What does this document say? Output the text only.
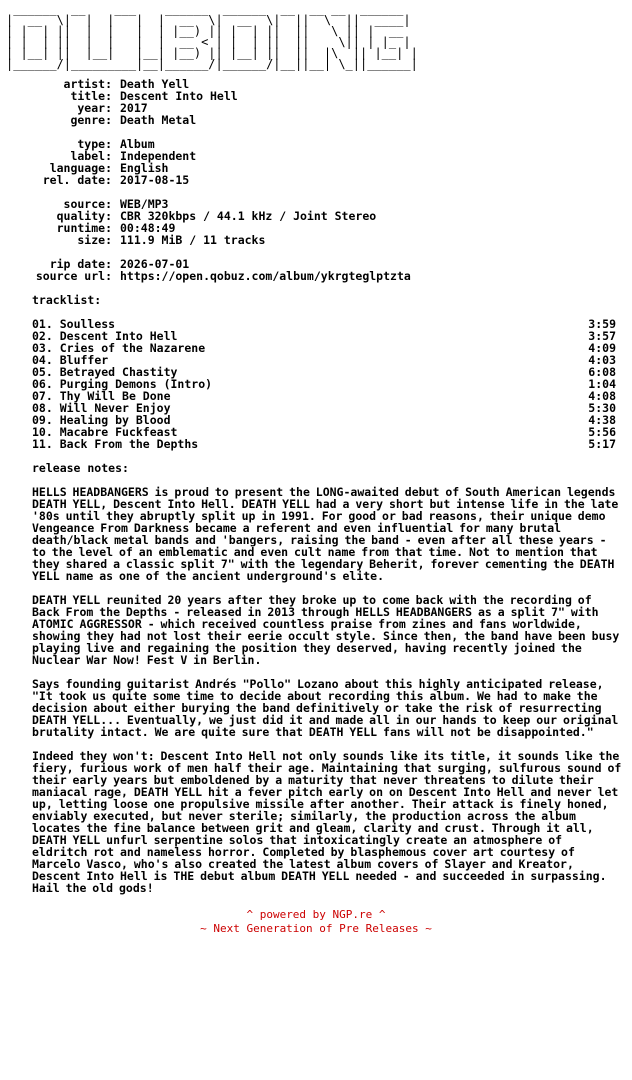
______  __    ___    ______  ______  __  __ __  ______
|  __  \|  |  |   |  |  __  \|  __  \|  ||  \  ||  ____|
| |  | ||  |  |   |  | |__) || |  | ||  ||   \ || |  __
| |  | ||  |  |   |  |  __ < | |  | ||  ||    \|| | |_ |
| |__| ||  |__|   |__| |__) || |__| ||  ||  |\  || |__| |
|______/|_________|__|______/|______/|__||__| \_||______|
artist: Death Yell
title: Descent Into Hell
year: 2017
genre: Death Metal
type: Album
label: Independent
language: English
rel. date: 2017-08-15
source: WEB/MP3
quality: CBR 320kbps / 44.1 kHz / Joint Stereo
runtime: 00:48:49
size: 111.9 MiB / 11 tracks
rip date: 2026-07-01
source url: https://open.qobuz.com/album/ykrgteglptzta
tracklist:
01. Soulless	3:59
02. Descent Into Hell	3:57
03. Cries of the Nazarene	4:09
04. Bluffer	4:03
05. Betrayed Chastity	6:08
06. Purging Demons (Intro)	1:04
07. Thy Will Be Done	4:08
08. Will Never Enjoy	5:30
09. Healing by Blood	4:38
10. Macabre Fuckfeast	5:56
11. Back From the Depths	5:17
release notes:

HELLS HEADBANGERS is proud to present the LONG-awaited debut of South American legends DEATH YELL, Descent Into Hell. DEATH YELL had a very short but intense life in the late '80s until they abruptly split up in 1991. For good or bad reasons, their unique demo Vengeance From Darkness became a referent and even influential for many brutal death/black metal bands and 'bangers, raising the band - even after all these years - to the level of an emblematic and even cult name from that time. Not to mention that they shared a classic split 7" with the legendary Beherit, forever cementing the DEATH YELL name as one of the ancient underground's elite.

DEATH YELL reunited 20 years after they broke up to come back with the recording of Back From the Depths - released in 2013 through HELLS HEADBANGERS as a split 7" with ATOMIC AGGRESSOR - which received countless praise from zines and fans worldwide, showing they had not lost their eerie occult style. Since then, the band have been busy playing live and regaining the position they deserved, having recently joined the Nuclear War Now! Fest V in Berlin.

Says founding guitarist Andrés "Pollo" Lozano about this highly anticipated release, "It took us quite some time to decide about recording this album. We had to make the decision about either burying the band definitively or take the risk of resurrecting DEATH YELL... Eventually, we just did it and made all in our hands to keep our original brutality intact. We are quite sure that DEATH YELL fans will not be disappointed."

Indeed they won't: Descent Into Hell not only sounds like its title, it sounds like the fiery, furious work of men half their age. Maintaining that surging, sulfurous sound of their early years but emboldened by a maturity that never threatens to dilute their maniacal rage, DEATH YELL hit a fever pitch early on on Descent Into Hell and never let up, letting loose one propulsive missile after another. Their attack is finely honed, enviably executed, but never sterile; similarly, the production across the album locates the fine balance between grit and gleam, clarity and crust. Through it all, DEATH YELL unfurl serpentine solos that intoxicatingly create an atmosphere of eldritch rot and nameless horror. Completed by blasphemous cover art courtesy of Marcelo Vasco, who's also created the latest album covers of Slayer and Kreator, Descent Into Hell is THE debut album DEATH YELL needed - and succeeded in surpassing. Hail the old gods!

^ powered by NGP.re ^
~ Next Generation of Pre Releases ~
